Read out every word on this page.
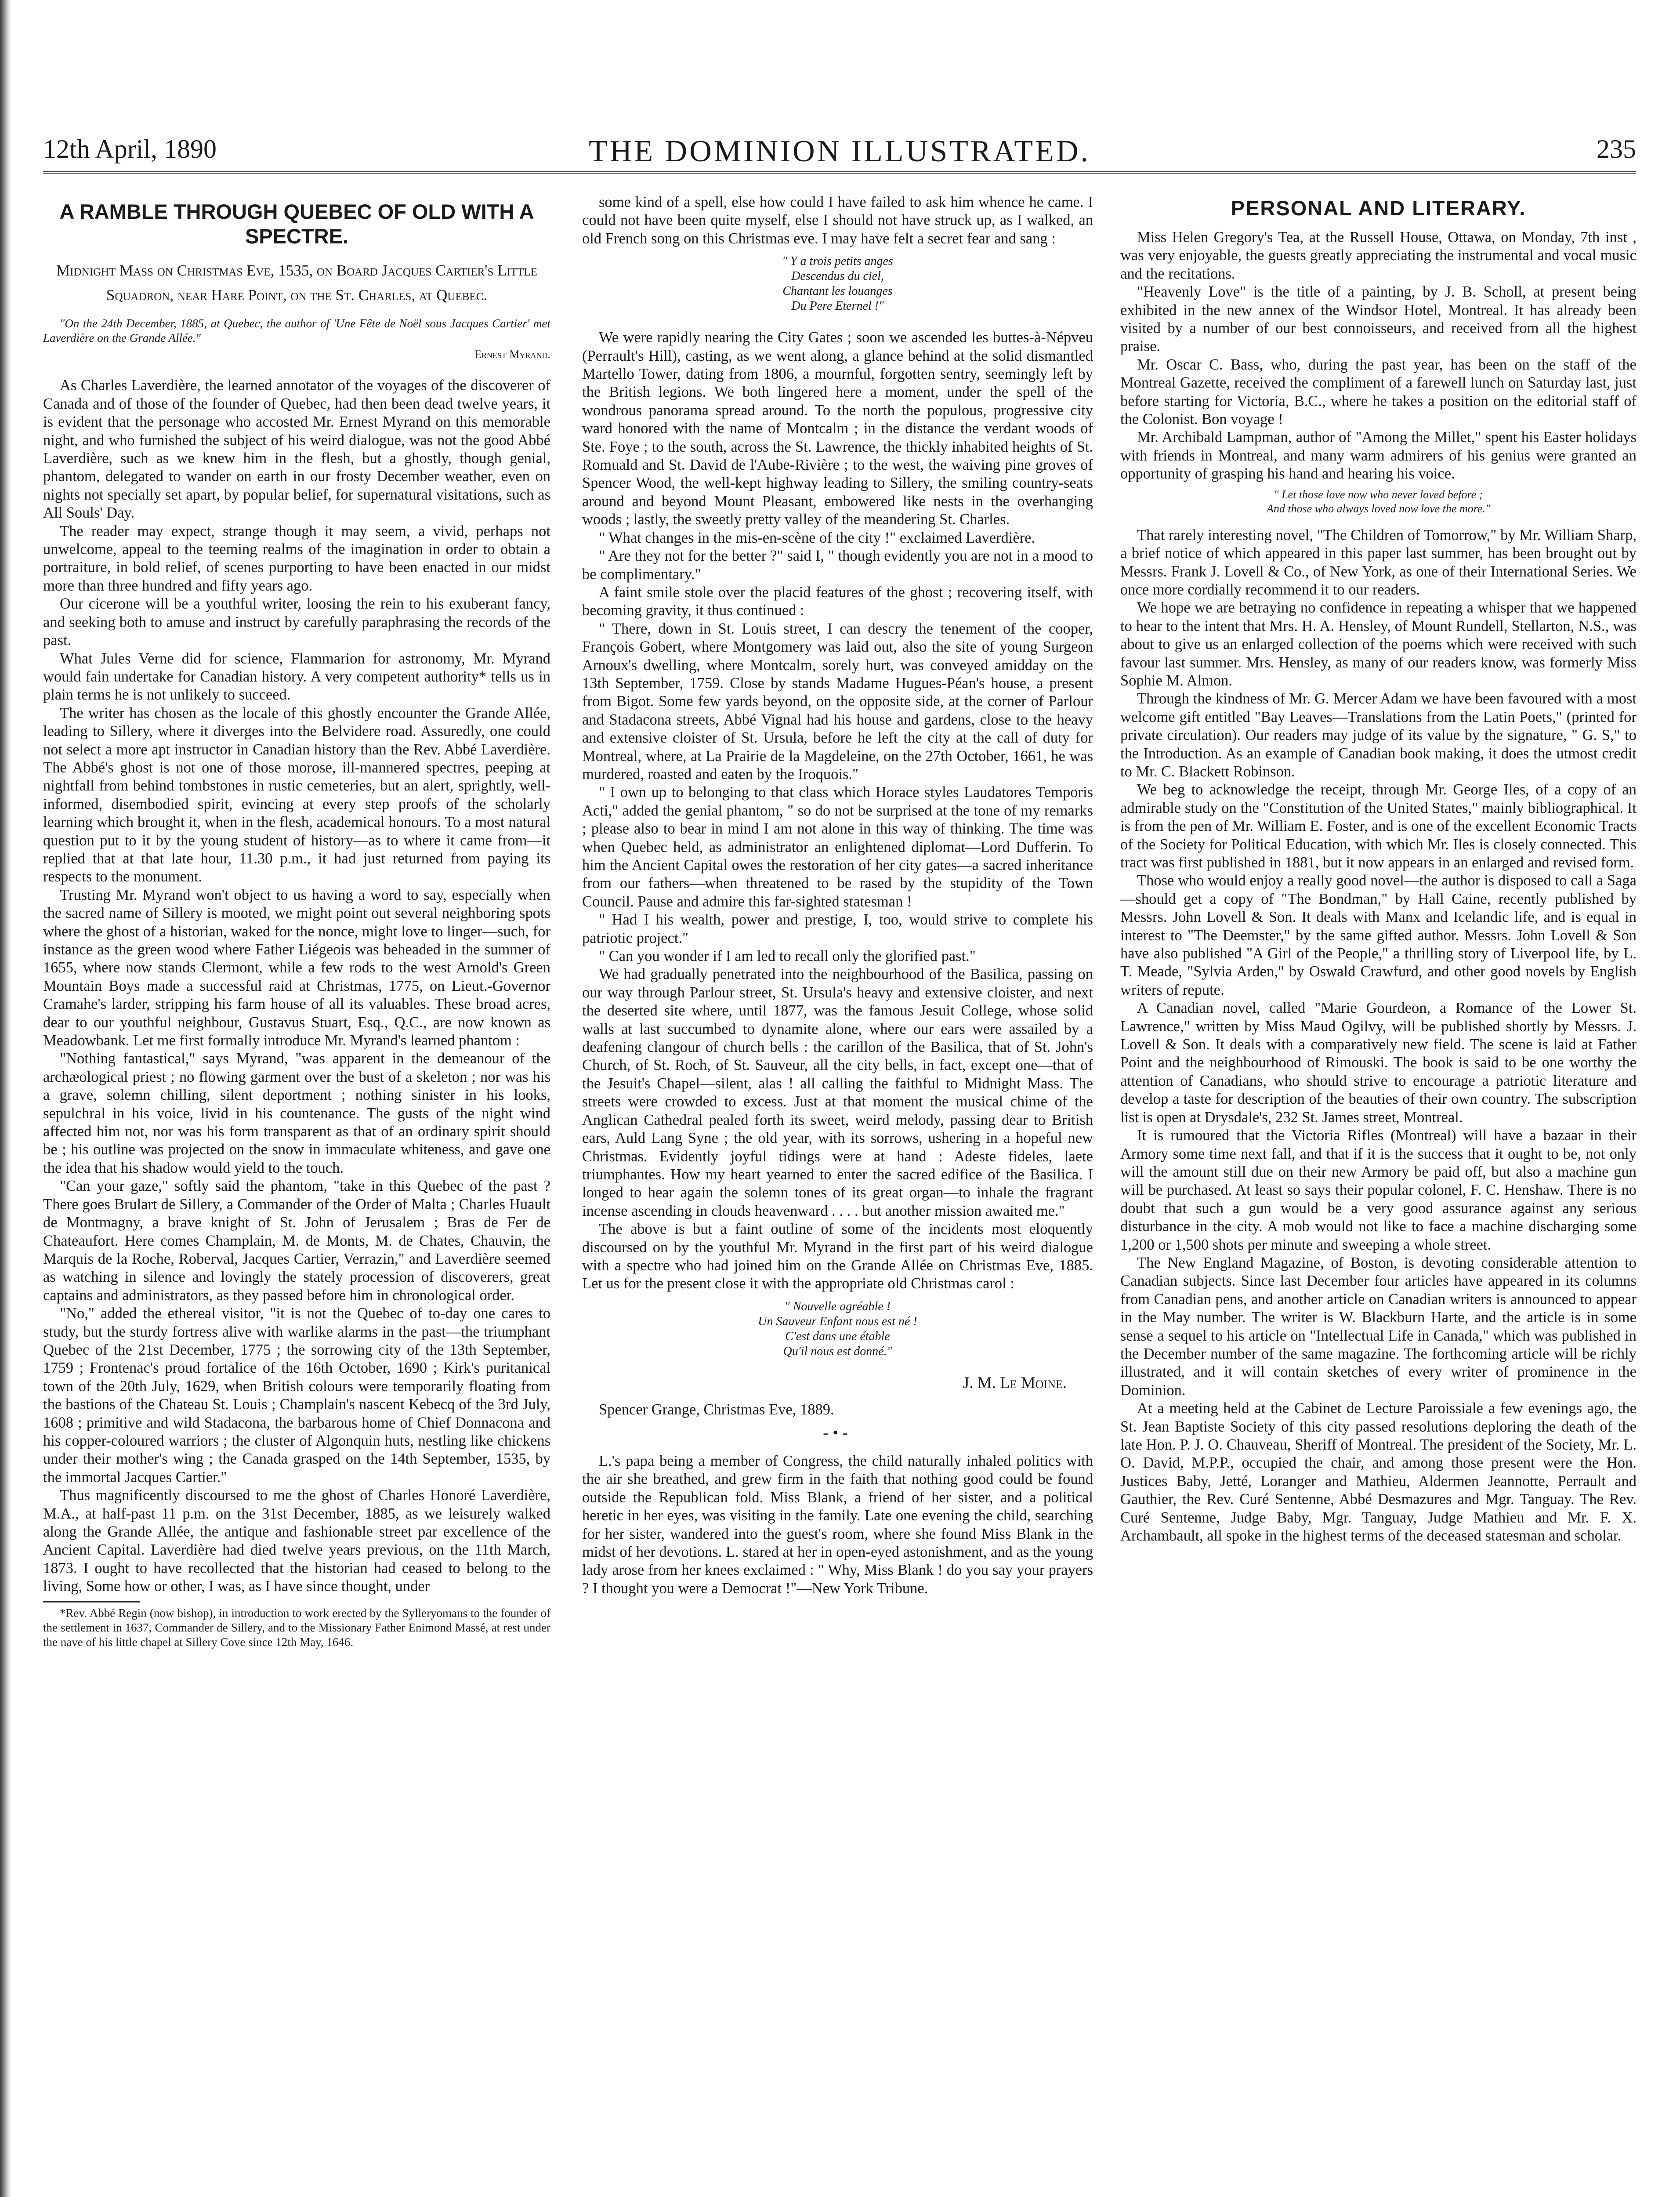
12th April, 1890	THE DOMINION ILLUSTRATED.	235
A RAMBLE THROUGH QUEBEC OF OLD WITH A SPECTRE.
Midnight Mass on Christmas Eve, 1535, on Board Jacques Cartier's Little Squadron, near Hare Point, on the St. Charles, at Quebec.

"On the 24th December, 1885, at Quebec, the author of 'Une Fête de Noël sous Jacques Cartier' met Laverdière on the Grande Allée."

Ernest Myrand.

As Charles Laverdière, the learned annotator of the voyages of the discoverer of Canada and of those of the founder of Quebec, had then been dead twelve years, it is evident that the personage who accosted Mr. Ernest Myrand on this memorable night, and who furnished the subject of his weird dialogue, was not the good Abbé Laverdière, such as we knew him in the flesh, but a ghostly, though genial, phantom, delegated to wander on earth in our frosty December weather, even on nights not specially set apart, by popular belief, for supernatural visitations, such as All Souls' Day.

The reader may expect, strange though it may seem, a vivid, perhaps not unwelcome, appeal to the teeming realms of the imagination in order to obtain a portraiture, in bold relief, of scenes purporting to have been enacted in our midst more than three hundred and fifty years ago.

Our cicerone will be a youthful writer, loosing the rein to his exuberant fancy, and seeking both to amuse and instruct by carefully paraphrasing the records of the past.

What Jules Verne did for science, Flammarion for astronomy, Mr. Myrand would fain undertake for Canadian history. A very competent authority* tells us in plain terms he is not unlikely to succeed.

The writer has chosen as the locale of this ghostly encounter the Grande Allée, leading to Sillery, where it diverges into the Belvidere road. Assuredly, one could not select a more apt instructor in Canadian history than the Rev. Abbé Laverdière. The Abbé's ghost is not one of those morose, ill-mannered spectres, peeping at nightfall from behind tombstones in rustic cemeteries, but an alert, sprightly, well-informed, disembodied spirit, evincing at every step proofs of the scholarly learning which brought it, when in the flesh, academical honours. To a most natural question put to it by the young student of history—as to where it came from—it replied that at that late hour, 11.30 p.m., it had just returned from paying its respects to the monument.

Trusting Mr. Myrand won't object to us having a word to say, especially when the sacred name of Sillery is mooted, we might point out several neighboring spots where the ghost of a historian, waked for the nonce, might love to linger—such, for instance as the green wood where Father Liégeois was beheaded in the summer of 1655, where now stands Clermont, while a few rods to the west Arnold's Green Mountain Boys made a successful raid at Christmas, 1775, on Lieut.-Governor Cramahe's larder, stripping his farm house of all its valuables. These broad acres, dear to our youthful neighbour, Gustavus Stuart, Esq., Q.C., are now known as Meadowbank. Let me first formally introduce Mr. Myrand's learned phantom :

"Nothing fantastical," says Myrand, "was apparent in the demeanour of the archæological priest ; no flowing garment over the bust of a skeleton ; nor was his a grave, solemn chilling, silent deportment ; nothing sinister in his looks, sepulchral in his voice, livid in his countenance. The gusts of the night wind affected him not, nor was his form transparent as that of an ordinary spirit should be ; his outline was projected on the snow in immaculate whiteness, and gave one the idea that his shadow would yield to the touch.

"Can your gaze," softly said the phantom, "take in this Quebec of the past ? There goes Brulart de Sillery, a Commander of the Order of Malta ; Charles Huault de Montmagny, a brave knight of St. John of Jerusalem ; Bras de Fer de Chateaufort. Here comes Champlain, M. de Monts, M. de Chates, Chauvin, the Marquis de la Roche, Roberval, Jacques Cartier, Verrazin," and Laverdière seemed as watching in silence and lovingly the stately procession of discoverers, great captains and administrators, as they passed before him in chronological order.

"No," added the ethereal visitor, "it is not the Quebec of to-day one cares to study, but the sturdy fortress alive with warlike alarms in the past—the triumphant Quebec of the 21st December, 1775 ; the sorrowing city of the 13th September, 1759 ; Frontenac's proud fortalice of the 16th October, 1690 ; Kirk's puritanical town of the 20th July, 1629, when British colours were temporarily floating from the bastions of the Chateau St. Louis ; Champlain's nascent Kebecq of the 3rd July, 1608 ; primitive and wild Stadacona, the barbarous home of Chief Donnacona and his copper-coloured warriors ; the cluster of Algonquin huts, nestling like chickens under their mother's wing ; the Canada grasped on the 14th September, 1535, by the immortal Jacques Cartier."

Thus magnificently discoursed to me the ghost of Charles Honoré Laverdière, M.A., at half-past 11 p.m. on the 31st December, 1885, as we leisurely walked along the Grande Allée, the antique and fashionable street par excellence of the Ancient Capital. Laverdière had died twelve years previous, on the 11th March, 1873. I ought to have recollected that the historian had ceased to belong to the living, Some how or other, I was, as I have since thought, under

*Rev. Abbé Regin (now bishop), in introduction to work erected by the Sylleryomans to the founder of the settlement in 1637, Commander de Sillery, and to the Missionary Father Enimond Massé, at rest under the nave of his little chapel at Sillery Cove since 12th May, 1646.

some kind of a spell, else how could I have failed to ask him whence he came. I could not have been quite myself, else I should not have struck up, as I walked, an old French song on this Christmas eve. I may have felt a secret fear and sang :

" Y a trois petits anges
Descendus du ciel,
Chantant les louanges
Du Pere Eternel !"

We were rapidly nearing the City Gates ; soon we ascended les buttes-à-Népveu (Perrault's Hill), casting, as we went along, a glance behind at the solid dismantled Martello Tower, dating from 1806, a mournful, forgotten sentry, seemingly left by the British legions. We both lingered here a moment, under the spell of the wondrous panorama spread around. To the north the populous, progressive city ward honored with the name of Montcalm ; in the distance the verdant woods of Ste. Foye ; to the south, across the St. Lawrence, the thickly inhabited heights of St. Romuald and St. David de l'Aube-Rivière ; to the west, the waiving pine groves of Spencer Wood, the well-kept highway leading to Sillery, the smiling country-seats around and beyond Mount Pleasant, embowered like nests in the overhanging woods ; lastly, the sweetly pretty valley of the meandering St. Charles.

" What changes in the mis-en-scène of the city !" exclaimed Laverdière.

" Are they not for the better ?" said I, " though evidently you are not in a mood to be complimentary."

A faint smile stole over the placid features of the ghost ; recovering itself, with becoming gravity, it thus continued :

" There, down in St. Louis street, I can descry the tenement of the cooper, François Gobert, where Montgomery was laid out, also the site of young Surgeon Arnoux's dwelling, where Montcalm, sorely hurt, was conveyed amidday on the 13th September, 1759. Close by stands Madame Hugues-Péan's house, a present from Bigot. Some few yards beyond, on the opposite side, at the corner of Parlour and Stadacona streets, Abbé Vignal had his house and gardens, close to the heavy and extensive cloister of St. Ursula, before he left the city at the call of duty for Montreal, where, at La Prairie de la Magdeleine, on the 27th October, 1661, he was murdered, roasted and eaten by the Iroquois."

" I own up to belonging to that class which Horace styles Laudatores Temporis Acti," added the genial phantom, " so do not be surprised at the tone of my remarks ; please also to bear in mind I am not alone in this way of thinking. The time was when Quebec held, as administrator an enlightened diplomat—Lord Dufferin. To him the Ancient Capital owes the restoration of her city gates—a sacred inheritance from our fathers—when threatened to be rased by the stupidity of the Town Council. Pause and admire this far-sighted statesman !

" Had I his wealth, power and prestige, I, too, would strive to complete his patriotic project."

" Can you wonder if I am led to recall only the glorified past."

We had gradually penetrated into the neighbourhood of the Basilica, passing on our way through Parlour street, St. Ursula's heavy and extensive cloister, and next the deserted site where, until 1877, was the famous Jesuit College, whose solid walls at last succumbed to dynamite alone, where our ears were assailed by a deafening clangour of church bells : the carillon of the Basilica, that of St. John's Church, of St. Roch, of St. Sauveur, all the city bells, in fact, except one—that of the Jesuit's Chapel—silent, alas ! all calling the faithful to Midnight Mass. The streets were crowded to excess. Just at that moment the musical chime of the Anglican Cathedral pealed forth its sweet, weird melody, passing dear to British ears, Auld Lang Syne ; the old year, with its sorrows, ushering in a hopeful new Christmas. Evidently joyful tidings were at hand : Adeste fideles, laete triumphantes. How my heart yearned to enter the sacred edifice of the Basilica. I longed to hear again the solemn tones of its great organ—to inhale the fragrant incense ascending in clouds heavenward . . . . but another mission awaited me."

The above is but a faint outline of some of the incidents most eloquently discoursed on by the youthful Mr. Myrand in the first part of his weird dialogue with a spectre who had joined him on the Grande Allée on Christmas Eve, 1885. Let us for the present close it with the appropriate old Christmas carol :

" Nouvelle agréable !
Un Sauveur Enfant nous est né !
C'est dans une étable
Qu'il nous est donné."
J. M. Le Moine.

Spencer Grange, Christmas Eve, 1889.

-•-

L.'s papa being a member of Congress, the child naturally inhaled politics with the air she breathed, and grew firm in the faith that nothing good could be found outside the Republican fold. Miss Blank, a friend of her sister, and a political heretic in her eyes, was visiting in the family. Late one evening the child, searching for her sister, wandered into the guest's room, where she found Miss Blank in the midst of her devotions. L. stared at her in open-eyed astonishment, and as the young lady arose from her knees exclaimed : " Why, Miss Blank ! do you say your prayers ? I thought you were a Democrat !"—New York Tribune.

PERSONAL AND LITERARY.

Miss Helen Gregory's Tea, at the Russell House, Ottawa, on Monday, 7th inst , was very enjoyable, the guests greatly appreciating the instrumental and vocal music and the recitations.

"Heavenly Love" is the title of a painting, by J. B. Scholl, at present being exhibited in the new annex of the Windsor Hotel, Montreal. It has already been visited by a number of our best connoisseurs, and received from all the highest praise.

Mr. Oscar C. Bass, who, during the past year, has been on the staff of the Montreal Gazette, received the compliment of a farewell lunch on Saturday last, just before starting for Victoria, B.C., where he takes a position on the editorial staff of the Colonist. Bon voyage !

Mr. Archibald Lampman, author of "Among the Millet," spent his Easter holidays with friends in Montreal, and many warm admirers of his genius were granted an opportunity of grasping his hand and hearing his voice.

" Let those love now who never loved before ;
And those who always loved now love the more."

That rarely interesting novel, "The Children of Tomorrow," by Mr. William Sharp, a brief notice of which appeared in this paper last summer, has been brought out by Messrs. Frank J. Lovell & Co., of New York, as one of their International Series. We once more cordially recommend it to our readers.

We hope we are betraying no confidence in repeating a whisper that we happened to hear to the intent that Mrs. H. A. Hensley, of Mount Rundell, Stellarton, N.S., was about to give us an enlarged collection of the poems which were received with such favour last summer. Mrs. Hensley, as many of our readers know, was formerly Miss Sophie M. Almon.

Through the kindness of Mr. G. Mercer Adam we have been favoured with a most welcome gift entitled "Bay Leaves—Translations from the Latin Poets," (printed for private circulation). Our readers may judge of its value by the signature, " G. S," to the Introduction. As an example of Canadian book making, it does the utmost credit to Mr. C. Blackett Robinson.

We beg to acknowledge the receipt, through Mr. George Iles, of a copy of an admirable study on the "Constitution of the United States," mainly bibliographical. It is from the pen of Mr. William E. Foster, and is one of the excellent Economic Tracts of the Society for Political Education, with which Mr. Iles is closely connected. This tract was first published in 1881, but it now appears in an enlarged and revised form.

Those who would enjoy a really good novel—the author is disposed to call a Saga—should get a copy of "The Bondman," by Hall Caine, recently published by Messrs. John Lovell & Son. It deals with Manx and Icelandic life, and is equal in interest to "The Deemster," by the same gifted author. Messrs. John Lovell & Son have also published "A Girl of the People," a thrilling story of Liverpool life, by L. T. Meade, "Sylvia Arden," by Oswald Crawfurd, and other good novels by English writers of repute.

A Canadian novel, called "Marie Gourdeon, a Romance of the Lower St. Lawrence," written by Miss Maud Ogilvy, will be published shortly by Messrs. J. Lovell & Son. It deals with a comparatively new field. The scene is laid at Father Point and the neighbourhood of Rimouski. The book is said to be one worthy the attention of Canadians, who should strive to encourage a patriotic literature and develop a taste for description of the beauties of their own country. The subscription list is open at Drysdale's, 232 St. James street, Montreal.

It is rumoured that the Victoria Rifles (Montreal) will have a bazaar in their Armory some time next fall, and that if it is the success that it ought to be, not only will the amount still due on their new Armory be paid off, but also a machine gun will be purchased. At least so says their popular colonel, F. C. Henshaw. There is no doubt that such a gun would be a very good assurance against any serious disturbance in the city. A mob would not like to face a machine discharging some 1,200 or 1,500 shots per minute and sweeping a whole street.

The New England Magazine, of Boston, is devoting considerable attention to Canadian subjects. Since last December four articles have appeared in its columns from Canadian pens, and another article on Canadian writers is announced to appear in the May number. The writer is W. Blackburn Harte, and the article is in some sense a sequel to his article on "Intellectual Life in Canada," which was published in the December number of the same magazine. The forthcoming article will be richly illustrated, and it will contain sketches of every writer of prominence in the Dominion.

At a meeting held at the Cabinet de Lecture Paroissiale a few evenings ago, the St. Jean Baptiste Society of this city passed resolutions deploring the death of the late Hon. P. J. O. Chauveau, Sheriff of Montreal. The president of the Society, Mr. L. O. David, M.P.P., occupied the chair, and among those present were the Hon. Justices Baby, Jetté, Loranger and Mathieu, Aldermen Jeannotte, Perrault and Gauthier, the Rev. Curé Sentenne, Abbé Desmazures and Mgr. Tanguay. The Rev. Curé Sentenne, Judge Baby, Mgr. Tanguay, Judge Mathieu and Mr. F. X. Archambault, all spoke in the highest terms of the deceased statesman and scholar.
